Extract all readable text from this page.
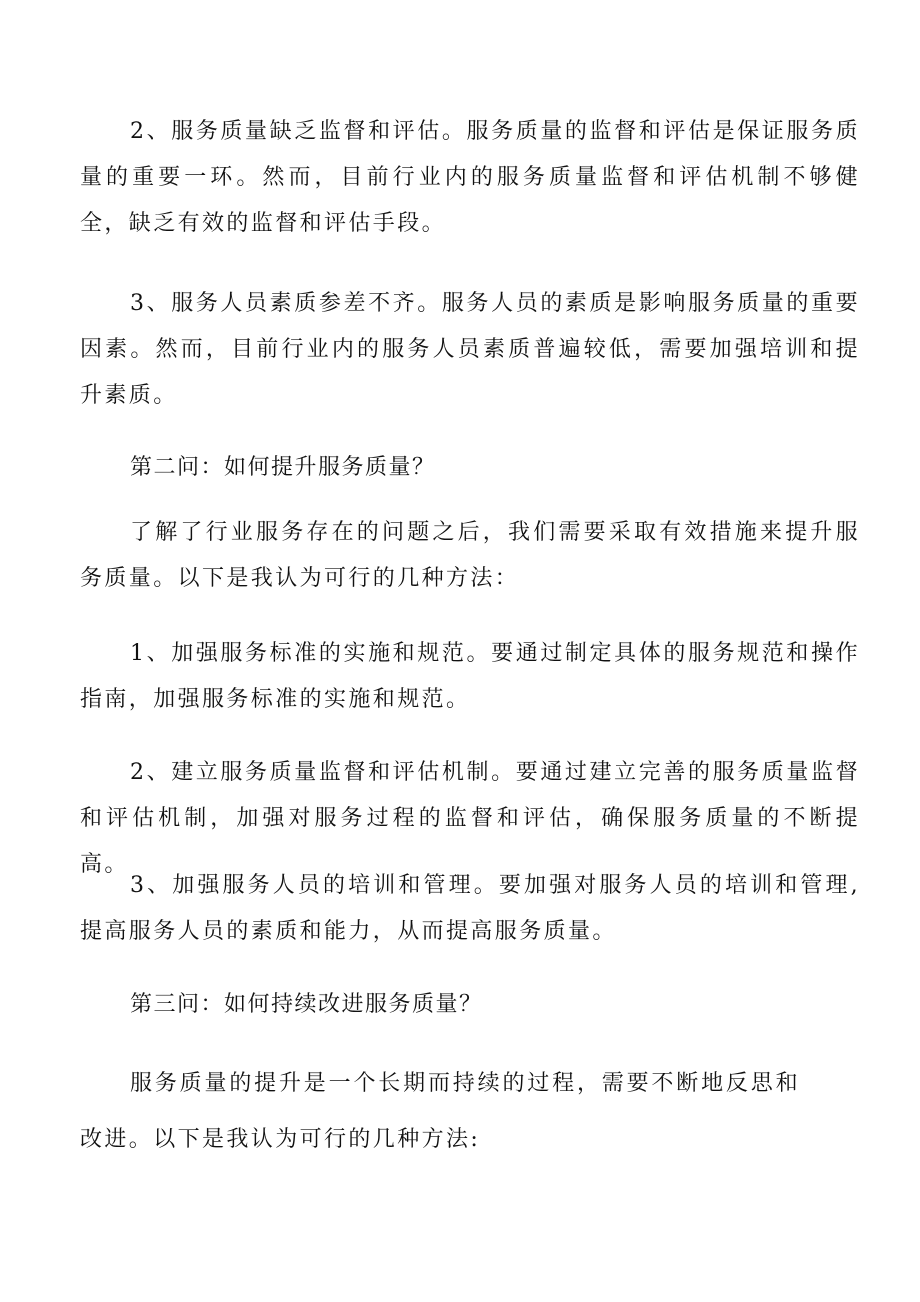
2、服务质量缺乏监督和评估。服务质量的监督和评估是保证服务质量的重要一环。然而，目前行业内的服务质量监督和评估机制不够健全，缺乏有效的监督和评估手段。

3、服务人员素质参差不齐。服务人员的素质是影响服务质量的重要因素。然而，目前行业内的服务人员素质普遍较低，需要加强培训和提升素质。

第二问：如何提升服务质量？

了解了行业服务存在的问题之后，我们需要采取有效措施来提升服务质量。以下是我认为可行的几种方法：

1、加强服务标准的实施和规范。要通过制定具体的服务规范和操作指南，加强服务标准的实施和规范。

2、建立服务质量监督和评估机制。要通过建立完善的服务质量监督和评估机制，加强对服务过程的监督和评估，确保服务质量的不断提高。

3、加强服务人员的培训和管理。要加强对服务人员的培训和管理,提高服务人员的素质和能力，从而提高服务质量。

第三问：如何持续改进服务质量？

服务质量的提升是一个长期而持续的过程，需要不断地反思和改进。以下是我认为可行的几种方法:
